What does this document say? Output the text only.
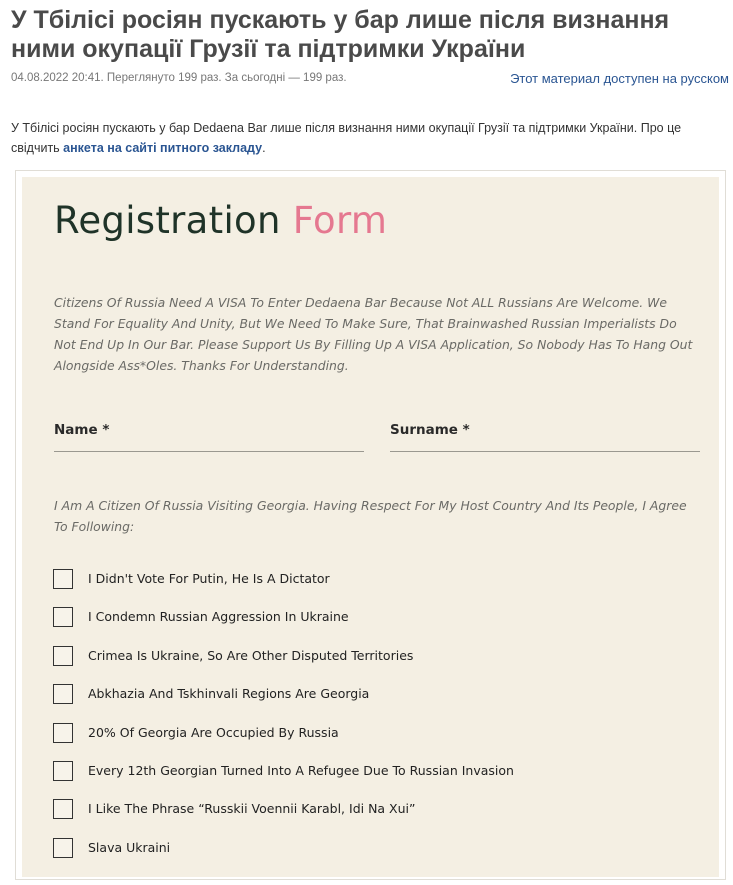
У Тбілісі росіян пускають у бар лише після визнання ними окупації Грузії та підтримки України
04.08.2022 20:41. Переглянуто 199 раз. За сьогодні — 199 раз.	Этот материал доступен на русском

У Тбілісі росіян пускають у бар Dedaena Bar лише після визнання ними окупації Грузії та підтримки України. Про це свідчить анкета на сайті питного закладу.

Registration Form

Citizens Of Russia Need A VISA To Enter Dedaena Bar Because Not ALL Russians Are Welcome. We Stand For Equality And Unity, But We Need To Make Sure, That Brainwashed Russian Imperialists Do Not End Up In Our Bar. Please Support Us By Filling Up A VISA Application, So Nobody Has To Hang Out Alongside Ass*Oles. Thanks For Understanding.

Name *	Surname *

I Am A Citizen Of Russia Visiting Georgia. Having Respect For My Host Country And Its People, I Agree To Following:

I Didn't Vote For Putin, He Is A Dictator
I Condemn Russian Aggression In Ukraine
Crimea Is Ukraine, So Are Other Disputed Territories
Abkhazia And Tskhinvali Regions Are Georgia
20% Of Georgia Are Occupied By Russia
Every 12th Georgian Turned Into A Refugee Due To Russian Invasion
I Like The Phrase “Russkii Voennii Karabl, Idi Na Xui”
Slava Ukraini
